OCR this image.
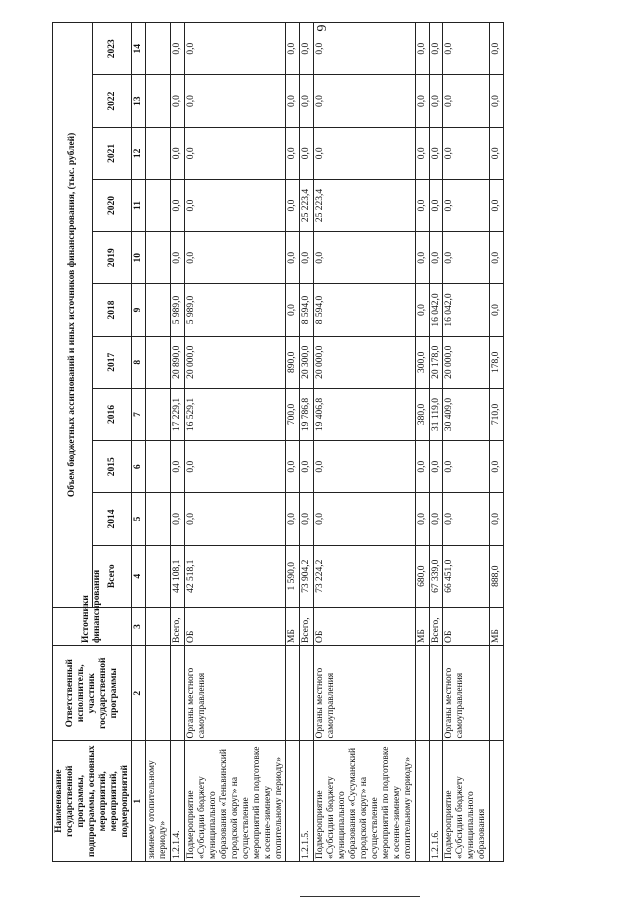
6
Наименование государственной программы, подпрограммы, основных мероприятий, мероприятий, подмероприятий	Ответственный исполнитель, участник государственной программы	Источники финансирования	Объем бюджетных ассигнований и иных источников финансирования, (тыс. рублей)										
			Всего	2014	2015	2016	2017	2018	2019	2020	2021	2022	2023
1	2	3	4	5	6	7	8	9	10	11	12	13	14
зимнему отопительному периоду»													
1.2.1.4.		Всего,	44 108,1	0,0	0,0	17 229,1	20 890,0	5 989,0	0,0	0,0	0,0	0,0	0,0
Подмероприятие «Субсидии бюджету муниципального образования «Теньвинский городской округ» на осуществление мероприятий по подготовке к осенне-зимнему отопительному периоду»	Органы местного самоуправления	ОБ	42 518,1	0,0	0,0	16 529,1	20 000,0	5 989,0	0,0	0,0	0,0	0,0	0,0
		МБ	1 590,0	0,0	0,0	700,0	890,0	0,0	0,0	0,0	0,0	0,0	0,0
1.2.1.5.		Всего,	73 904,2	0,0	0,0	19 786,8	20 300,0	8 594,0	0,0	25 223,4	0,0	0,0	0,0
Подмероприятие «Субсидии бюджету муниципального образования «Сусуманский городской округ» на осуществление мероприятий по подготовке к осенне-зимнему отопительному периоду»	Органы местного самоуправления	ОБ	73 224,2	0,0	0,0	19 406,8	20 000,0	8 594,0	0,0	25 223,4	0,0	0,0	0,0
		МБ	680,0	0,0	0,0	380,0	300,0	0,0	0,0	0,0	0,0	0,0	0,0
1.2.1.6.		Всего,	67 339,0	0,0	0,0	31 119,0	20 178,0	16 042,0	0,0	0,0	0,0	0,0	0,0
Подмероприятие «Субсидии бюджету муниципального образования	Органы местного самоуправления	ОБ	66 451,0	0,0	0,0	30 409,0	20 000,0	16 042,0	0,0	0,0	0,0	0,0	0,0
		МБ	888,0	0,0	0,0	710,0	178,0	0,0	0,0	0,0	0,0	0,0	0,0
